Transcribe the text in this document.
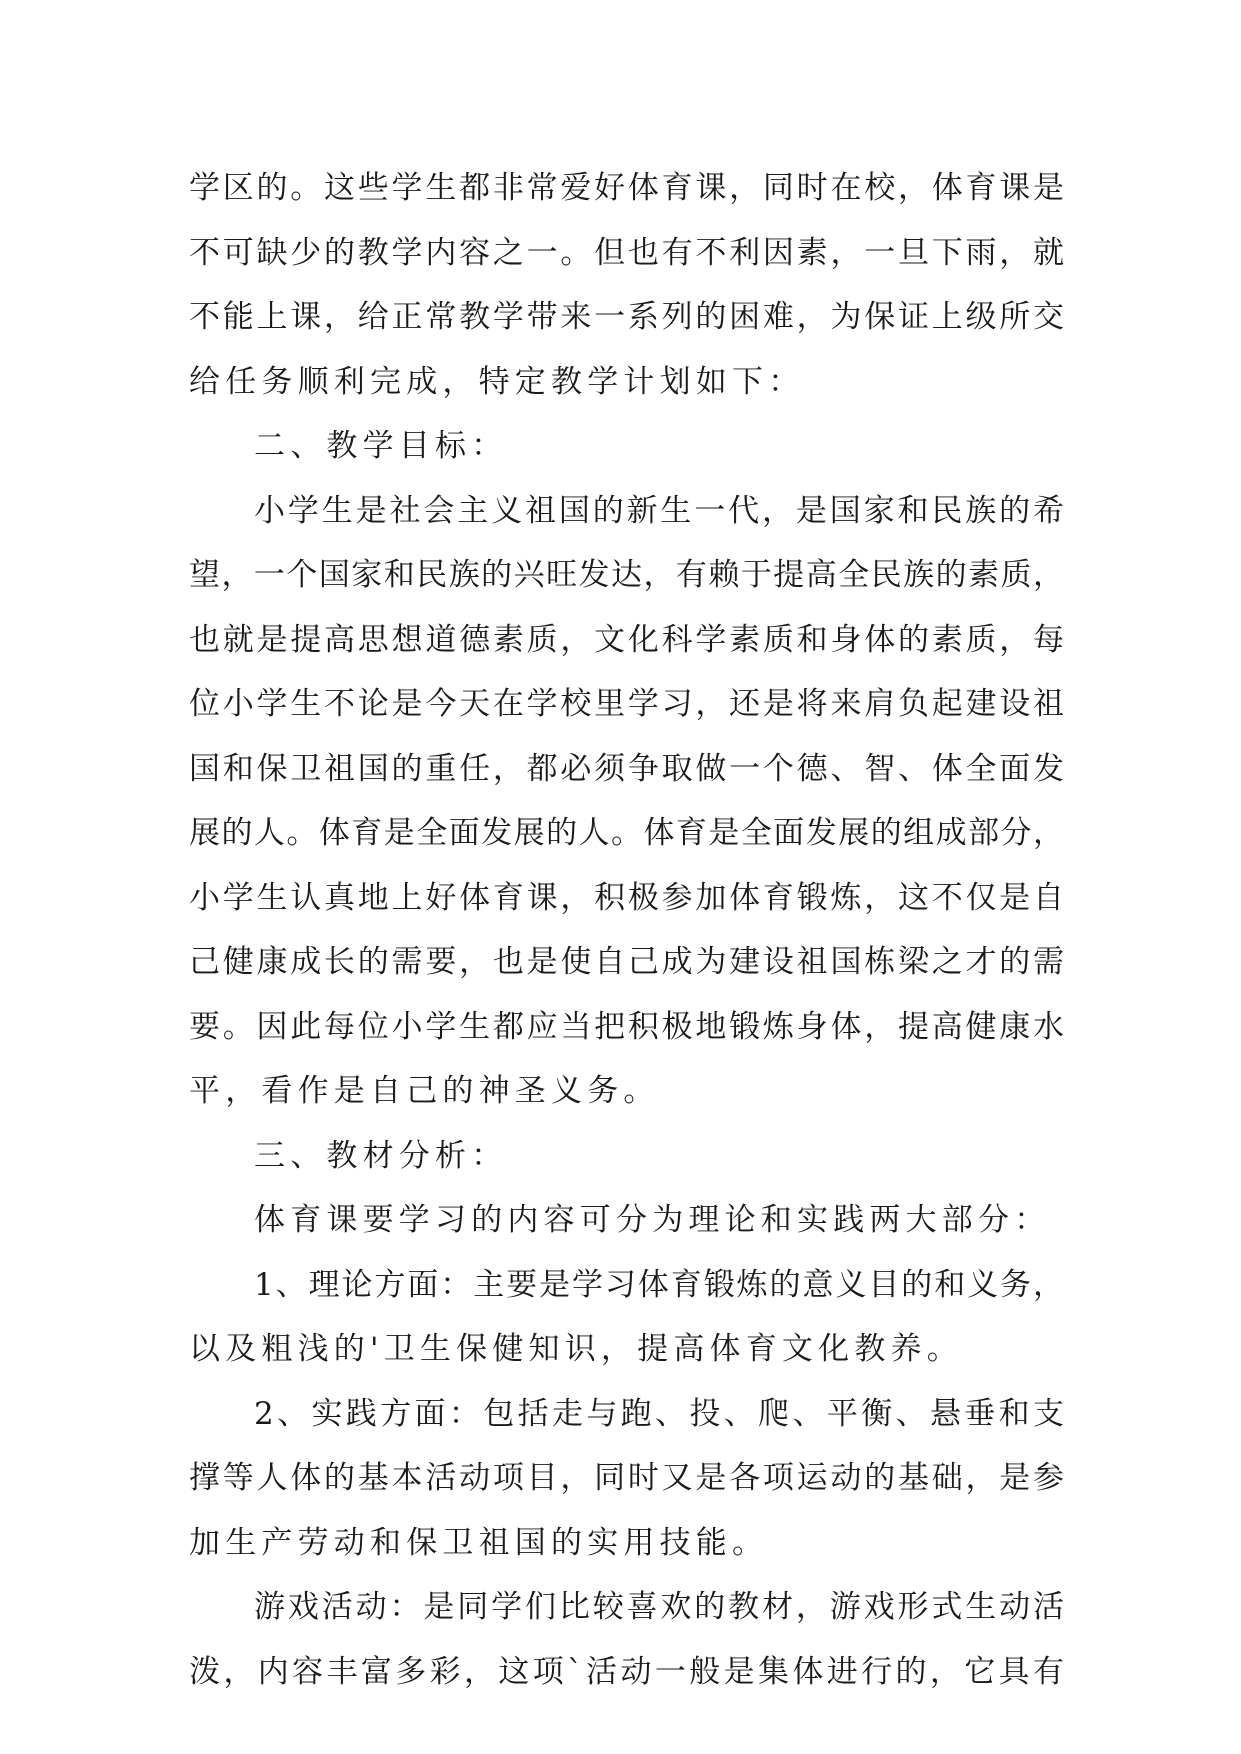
学区的。这些学生都非常爱好体育课，同时在校，体育课是
不可缺少的教学内容之一。但也有不利因素，一旦下雨，就
不能上课，给正常教学带来一系列的困难，为保证上级所交
给任务顺利完成，特定教学计划如下：
二、教学目标：
小学生是社会主义祖国的新生一代，是国家和民族的希
望，一个国家和民族的兴旺发达，有赖于提高全民族的素质，
也就是提高思想道德素质，文化科学素质和身体的素质，每
位小学生不论是今天在学校里学习，还是将来肩负起建设祖
国和保卫祖国的重任，都必须争取做一个德、智、体全面发
展的人。体育是全面发展的人。体育是全面发展的组成部分，
小学生认真地上好体育课，积极参加体育锻炼，这不仅是自
己健康成长的需要，也是使自己成为建设祖国栋梁之才的需
要。因此每位小学生都应当把积极地锻炼身体，提高健康水
平，看作是自己的神圣义务。
三、教材分析：
体育课要学习的内容可分为理论和实践两大部分：
1、理论方面：主要是学习体育锻炼的意义目的和义务，
以及粗浅的'卫生保健知识，提高体育文化教养。
2、实践方面：包括走与跑、投、爬、平衡、悬垂和支
撑等人体的基本活动项目，同时又是各项运动的基础，是参
加生产劳动和保卫祖国的实用技能。
游戏活动：是同学们比较喜欢的教材，游戏形式生动活
泼，内容丰富多彩，这项`活动一般是集体进行的，它具有
